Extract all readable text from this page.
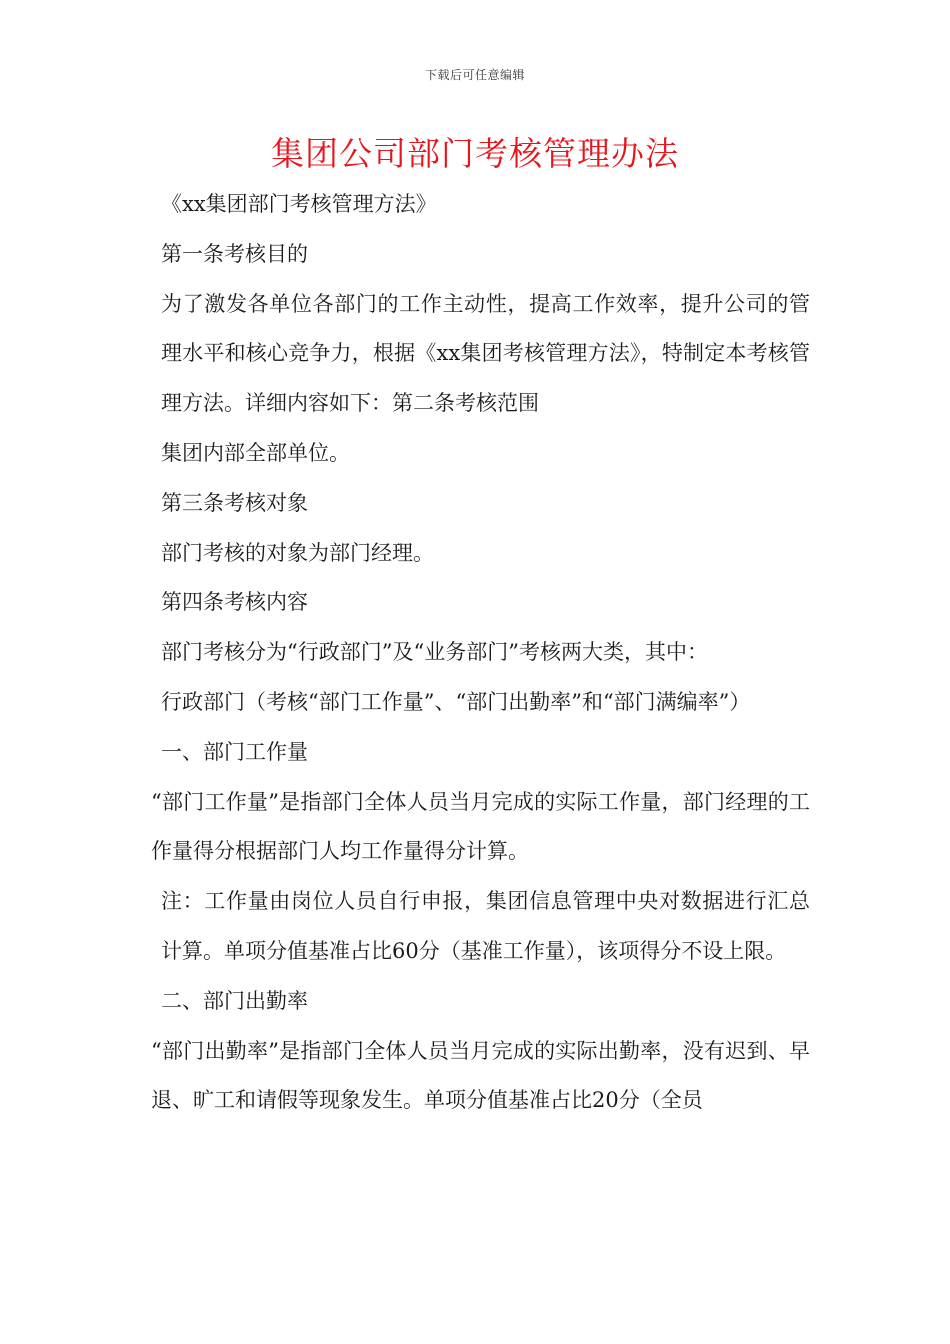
下载后可任意编辑
集团公司部门考核管理办法
《xx集团部门考核管理方法》
第一条考核目的
为了激发各单位各部门的工作主动性，提高工作效率，提升公司的管理水平和核心竞争力，根据《xx集团考核管理方法》，特制定本考核管理方法。详细内容如下：第二条考核范围
集团内部全部单位。
第三条考核对象
部门考核的对象为部门经理。
第四条考核内容
部门考核分为“行政部门”及“业务部门”考核两大类，其中：
行政部门（考核“部门工作量”、“部门出勤率”和“部门满编率”）
一、部门工作量
“部门工作量”是指部门全体人员当月完成的实际工作量，部门经理的工作量得分根据部门人均工作量得分计算。
注：工作量由岗位人员自行申报，集团信息管理中央对数据进行汇总计算。单项分值基准占比60分（基准工作量），该项得分不设上限。
二、部门出勤率
“部门出勤率”是指部门全体人员当月完成的实际出勤率，没有迟到、早退、旷工和请假等现象发生。单项分值基准占比20分（全员
